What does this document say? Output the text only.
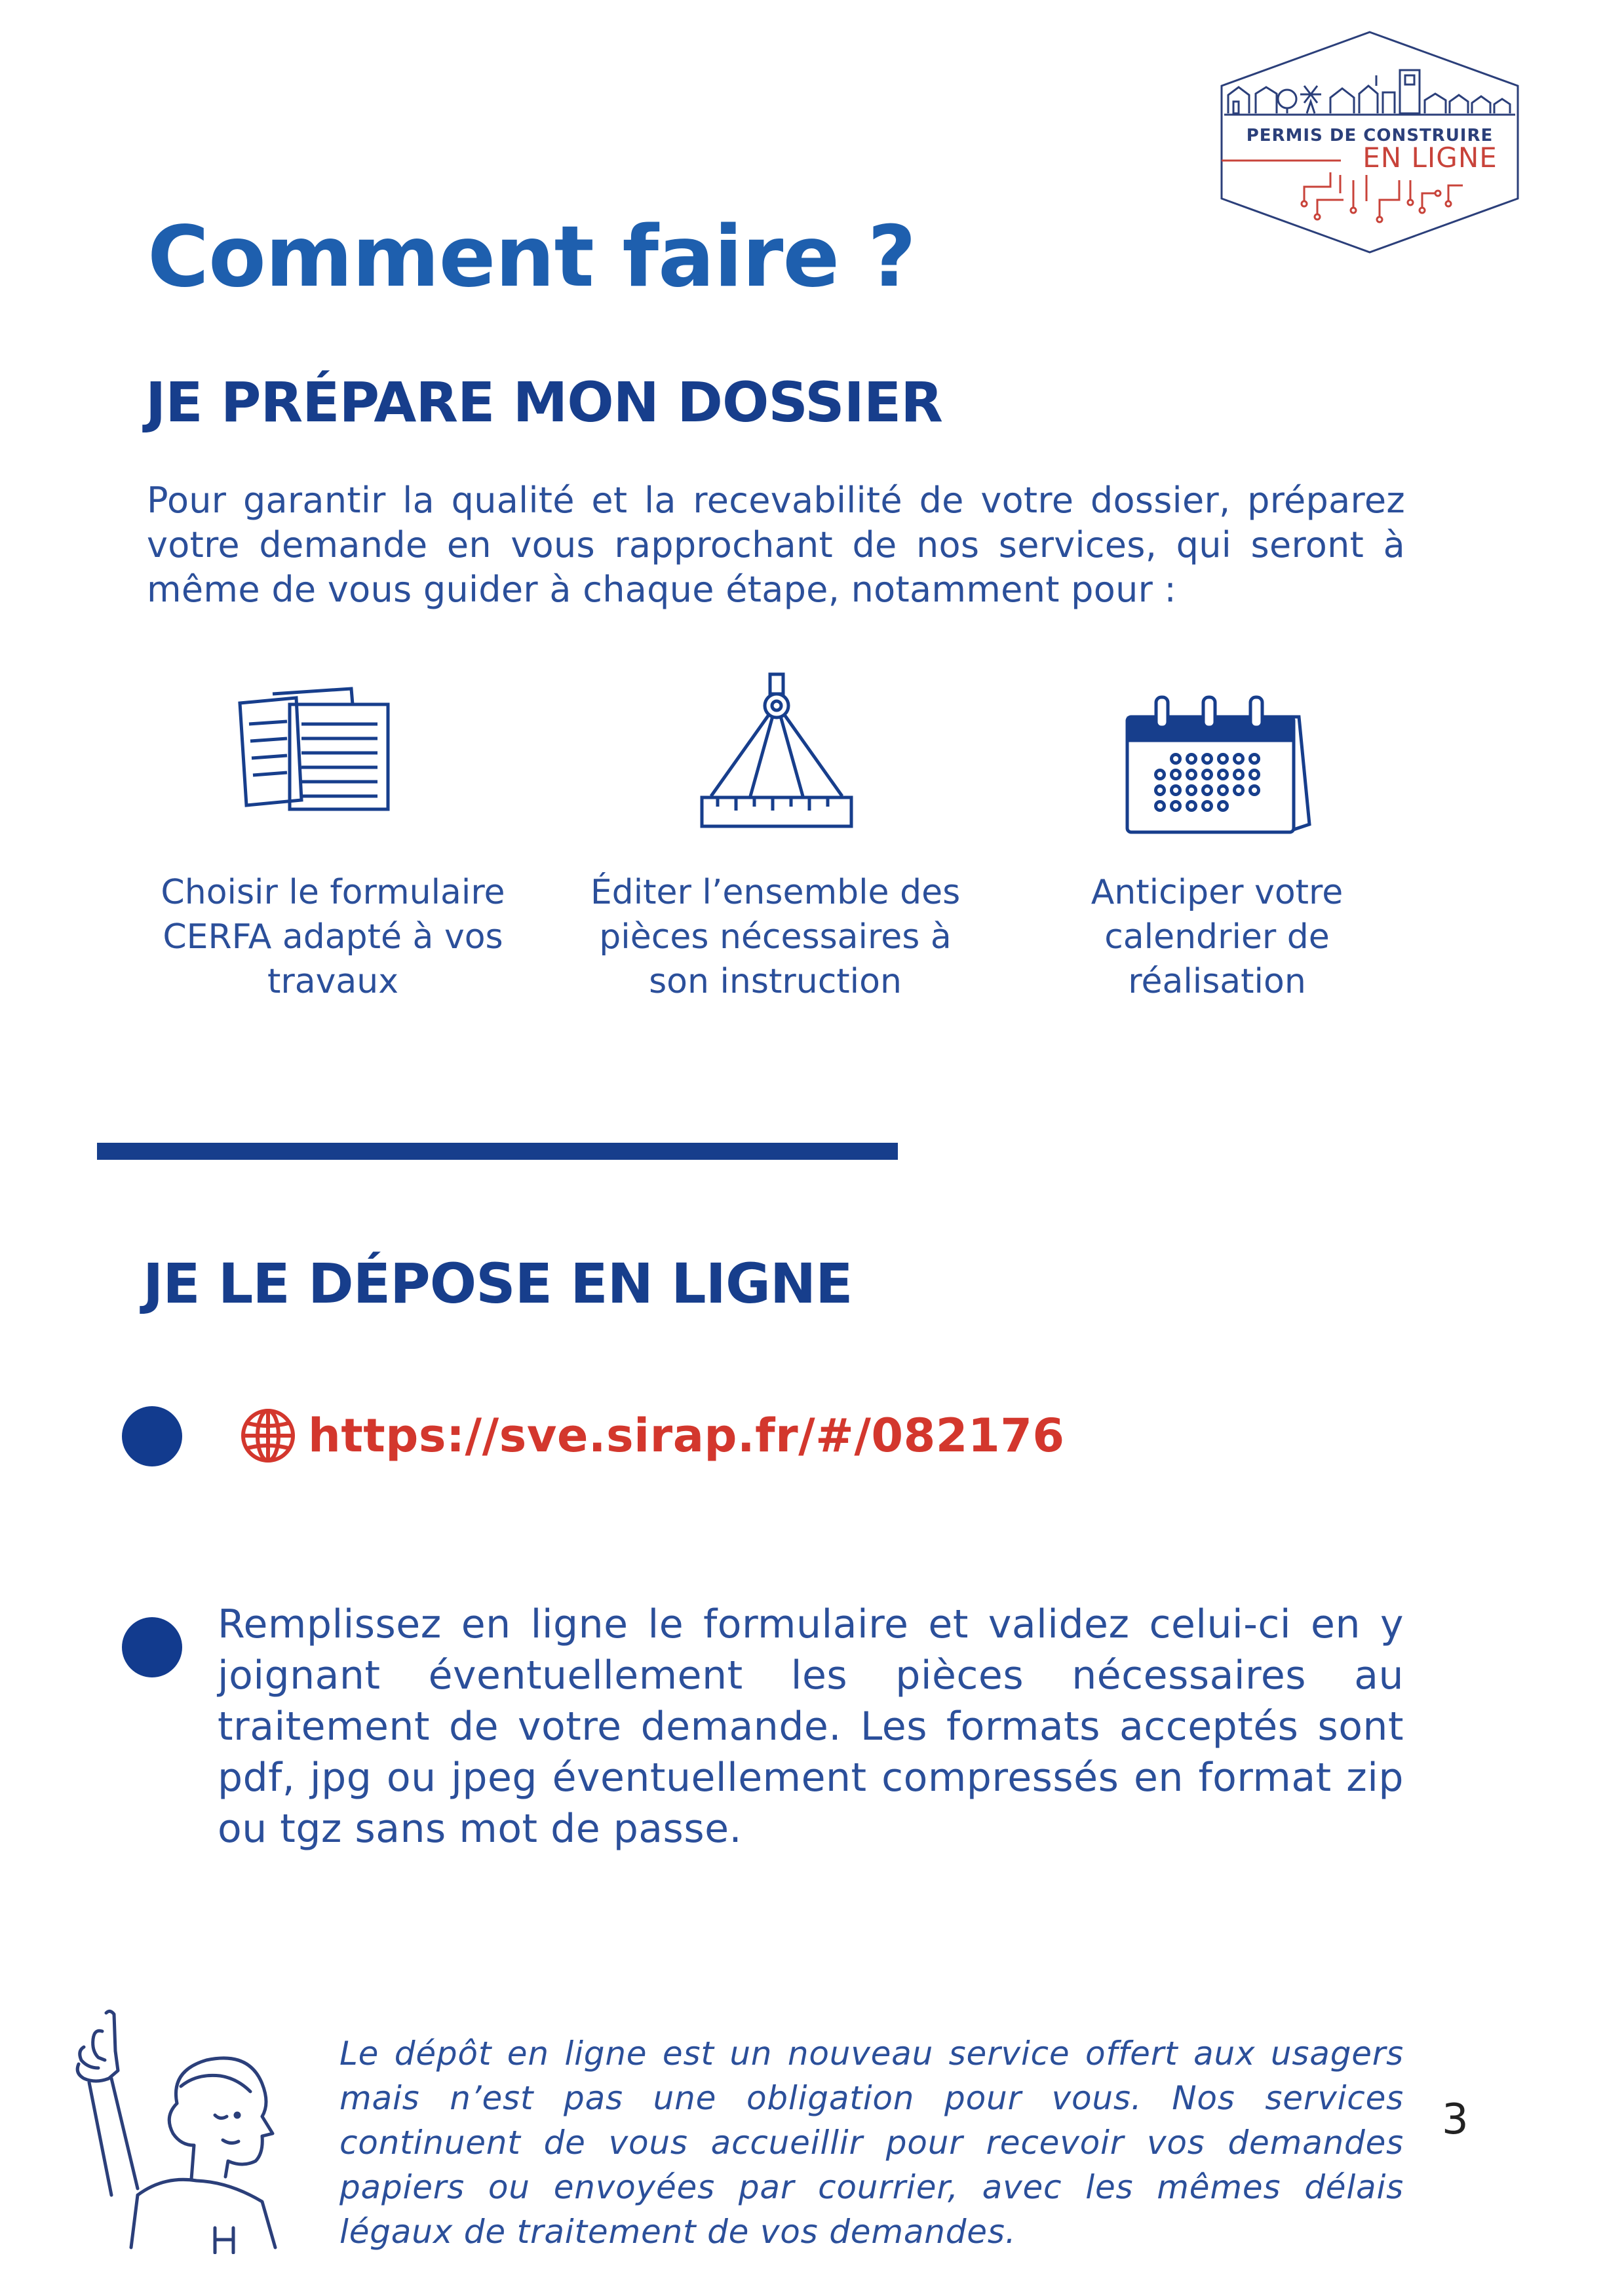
PERMIS DE CONSTRUIRE
EN LIGNE
Comment faire ?
JE PRÉPARE MON DOSSIER

Pour garantir la qualité et la recevabilité de votre dossier, préparez votre demande en vous rapprochant de nos services, qui seront à même de vous guider à chaque étape, notamment pour :

Choisir le formulaire CERFA adapté à vos travaux

Éditer l’ensemble des pièces nécessaires à son instruction

Anticiper votre calendrier de réalisation

JE LE DÉPOSE EN LIGNE
https://sve.sirap.fr/#/082176

Remplissez en ligne le formulaire et validez celui-ci en y joignant éventuellement les pièces nécessaires au traitement de votre demande. Les formats acceptés sont pdf, jpg ou jpeg éventuellement compressés en format zip ou tgz sans mot de passe.

Le dépôt en ligne est un nouveau service offert aux usagers mais n’est pas une obligation pour vous. Nos services continuent de vous accueillir pour recevoir vos demandes papiers ou envoyées par courrier, avec les mêmes délais légaux de traitement de vos demandes.

3
